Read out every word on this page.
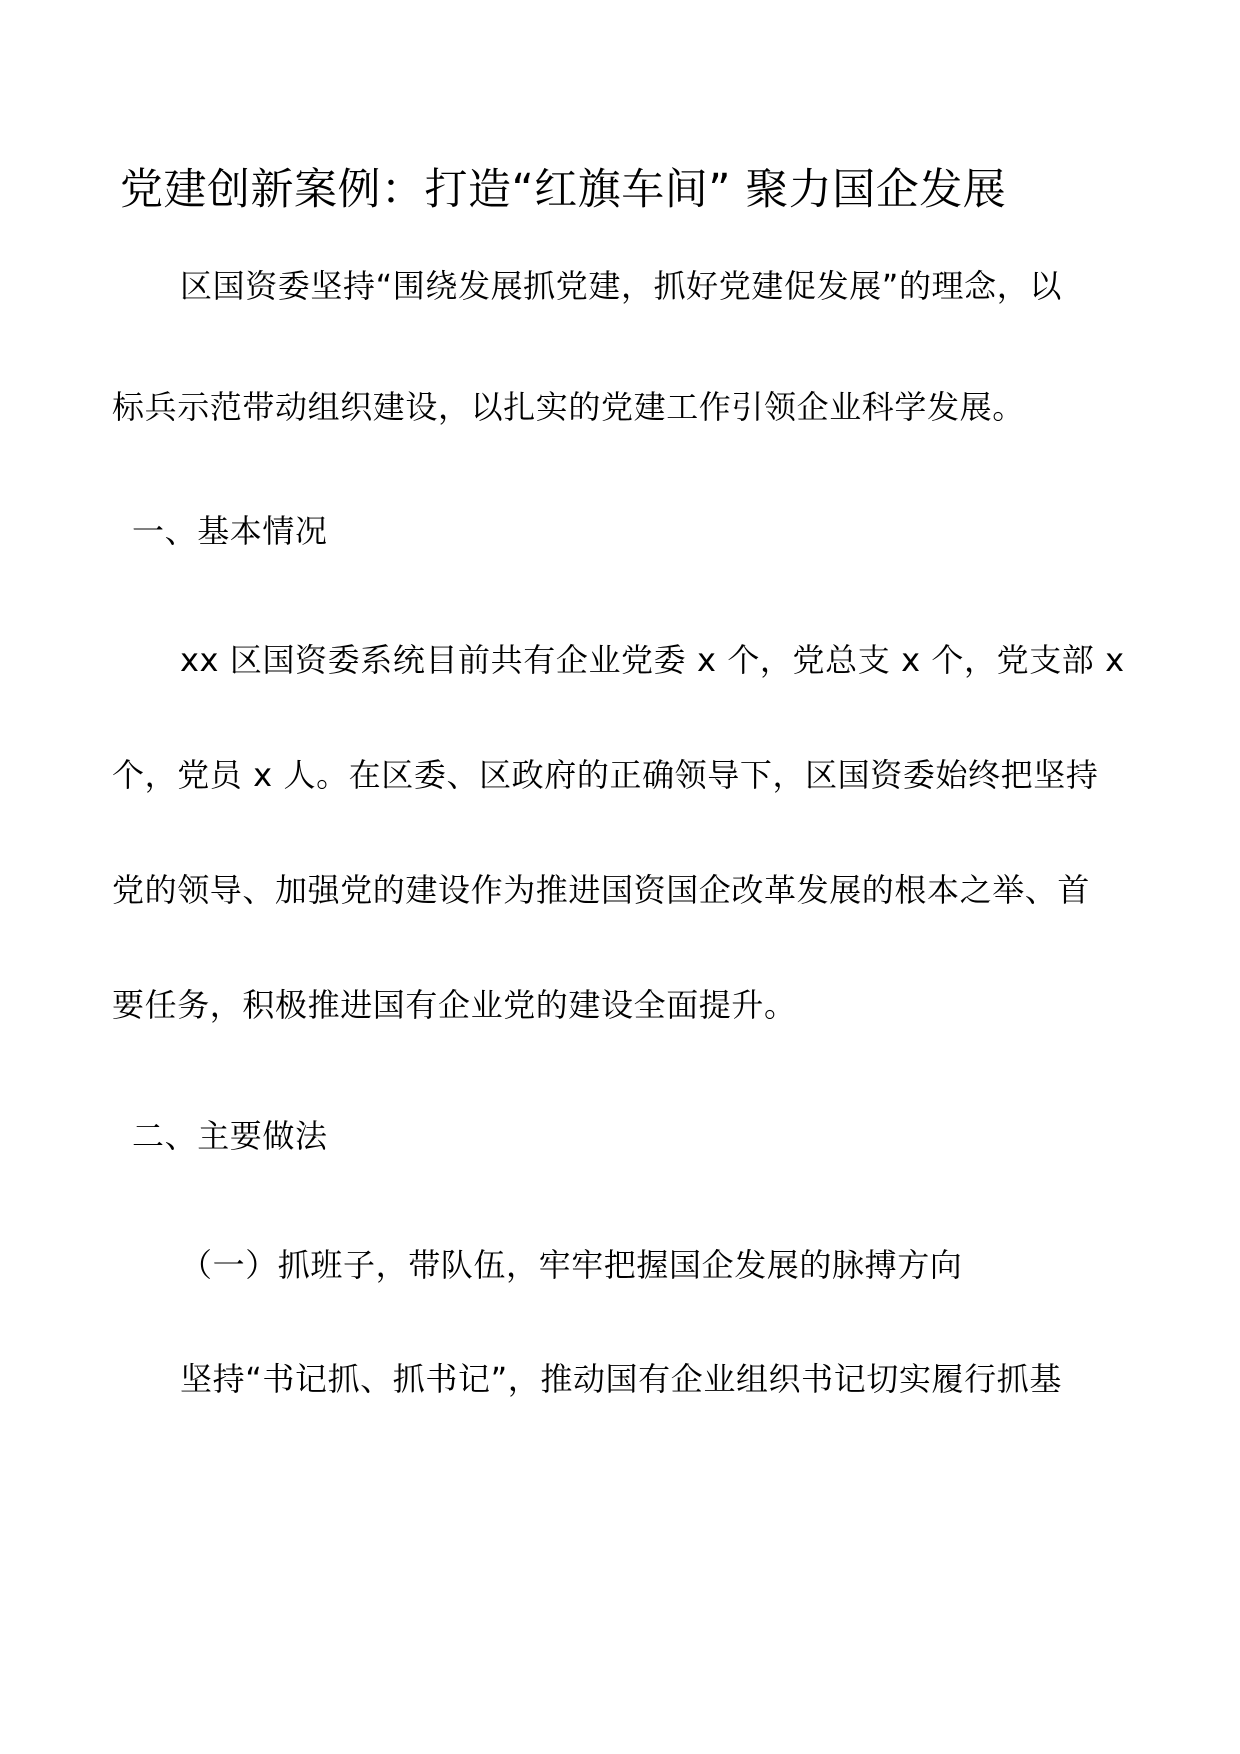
党建创新案例：打造“红旗车间” 聚力国企发展
区国资委坚持“围绕发展抓党建，抓好党建促发展”的理念，以
标兵示范带动组织建设，以扎实的党建工作引领企业科学发展。
一、基本情况
xx 区国资委系统目前共有企业党委 x 个，党总支 x 个，党支部 x
个，党员 x 人。在区委、区政府的正确领导下，区国资委始终把坚持
党的领导、加强党的建设作为推进国资国企改革发展的根本之举、首
要任务，积极推进国有企业党的建设全面提升。
二、主要做法
（一）抓班子，带队伍，牢牢把握国企发展的脉搏方向
坚持“书记抓、抓书记”，推动国有企业组织书记切实履行抓基
